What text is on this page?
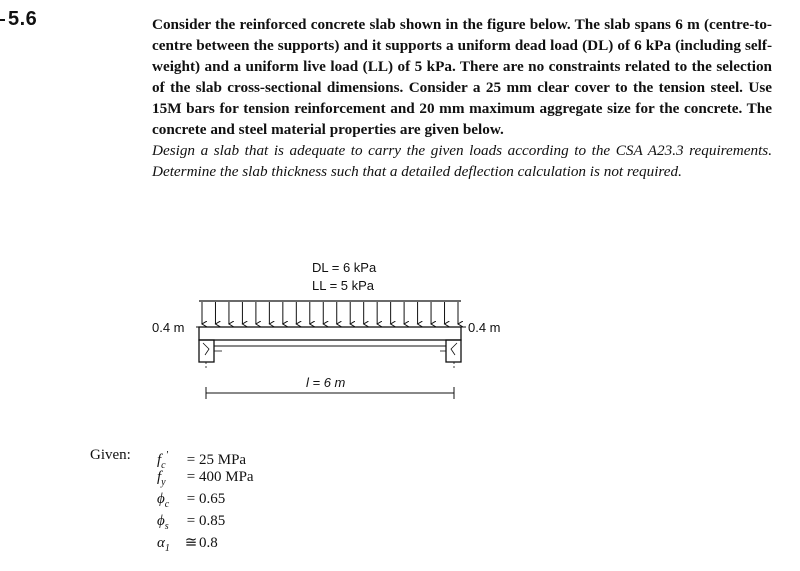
5.6	Consider the reinforced concrete slab shown in the figure below. The slab spans 6 m (centre-to-centre between the supports) and it supports a uniform dead load (DL) of 6 kPa (including self-weight) and a uniform live load (LL) of 5 kPa. There are no constraints related to the selection of the slab cross-sectional dimensions. Consider a 25 mm clear cover to the tension steel. Use 15M bars for tension reinforcement and 20 mm maximum aggregate size for the concrete. The concrete and steel material properties are given below.

Design a slab that is adequate to carry the given loads according to the CSA A23.3 requirements. Determine the slab thickness such that a detailed deflection calculation is not required.

DL = 6 kPa
LL = 5 kPa
0.4 m	0.4 m
l = 6 m
Given: $f_c'$	= 25 MPa
$f_y$	= 400 MPa
$\phi_c$	= 0.65
$\phi_s$	= 0.85
$\alpha_1$ ≅ 0.8
